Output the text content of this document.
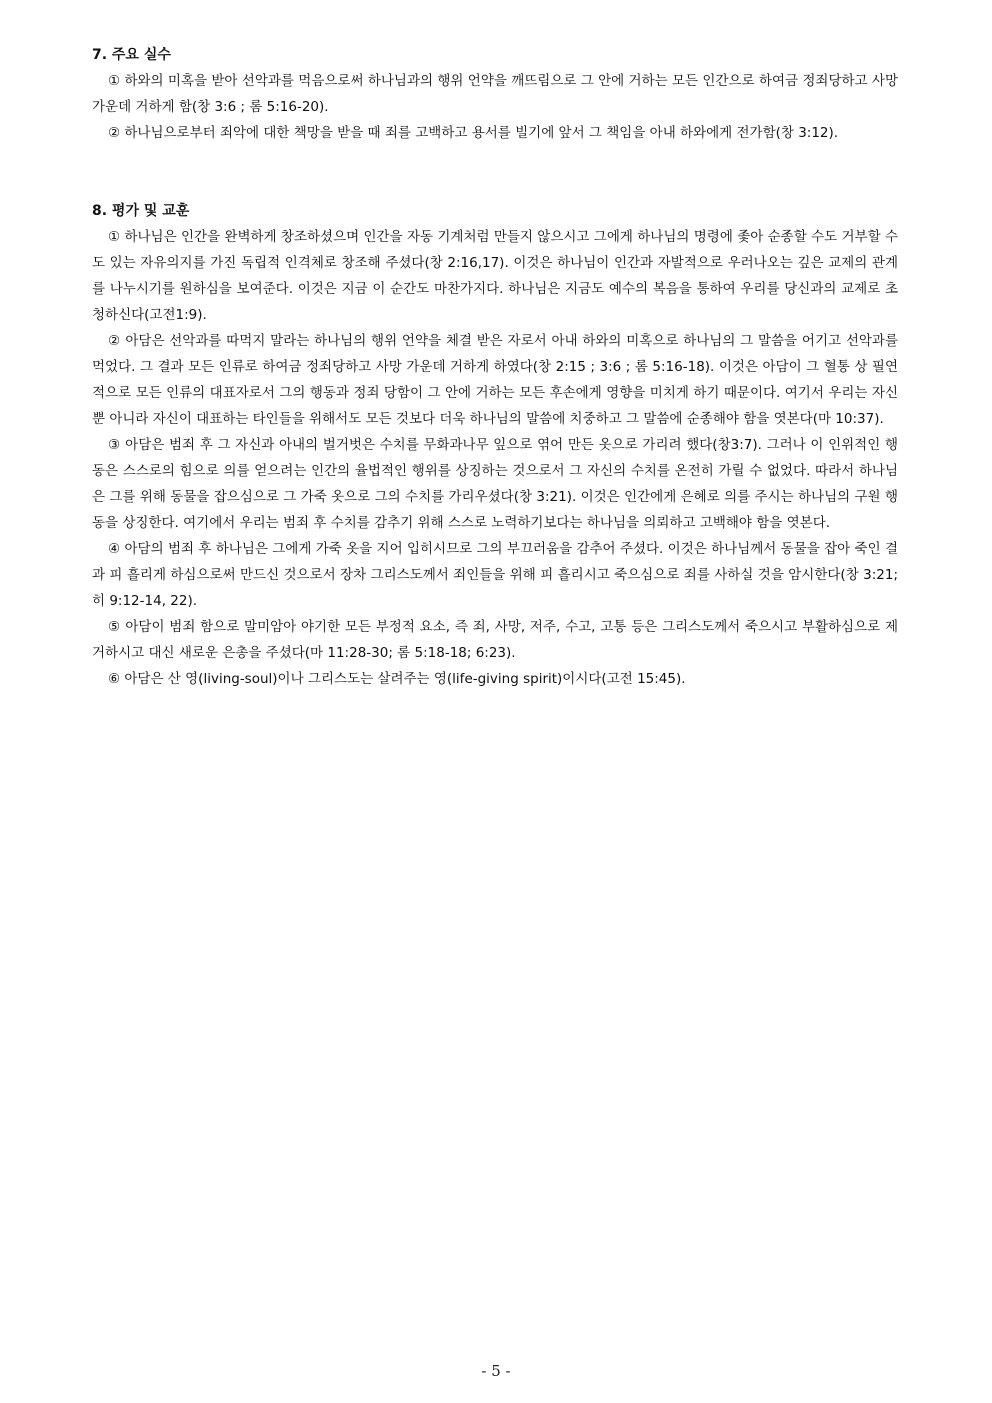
7. 주요 실수

① 하와의 미혹을 받아 선악과를 먹음으로써 하나님과의 행위 언약을 깨뜨림으로 그 안에 거하는 모든 인간으로 하여금 정죄당하고 사망 가운데 거하게 함(창 3:6 ; 롬 5:16-20).

② 하나님으로부터 죄악에 대한 책망을 받을 때 죄를 고백하고 용서를 빌기에 앞서 그 책임을 아내 하와에게 전가함(창 3:12).

8. 평가 및 교훈

① 하나님은 인간을 완벽하게 창조하셨으며 인간을 자동 기계처럼 만들지 않으시고 그에게 하나님의 명령에 좇아 순종할 수도 거부할 수도 있는 자유의지를 가진 독립적 인격체로 창조해 주셨다(창 2:16,17). 이것은 하나님이 인간과 자발적으로 우러나오는 깊은 교제의 관계를 나누시기를 원하심을 보여준다. 이것은 지금 이 순간도 마찬가지다. 하나님은 지금도 예수의 복음을 통하여 우리를 당신과의 교제로 초청하신다(고전1:9).

② 아담은 선악과를 따먹지 말라는 하나님의 행위 언약을 체결 받은 자로서 아내 하와의 미혹으로 하나님의 그 말씀을 어기고 선악과를 먹었다. 그 결과 모든 인류로 하여금 정죄당하고 사망 가운데 거하게 하였다(창 2:15 ; 3:6 ; 롬 5:16-18). 이것은 아담이 그 혈통 상 필연적으로 모든 인류의 대표자로서 그의 행동과 정죄 당함이 그 안에 거하는 모든 후손에게 영향을 미치게 하기 때문이다. 여기서 우리는 자신뿐 아니라 자신이 대표하는 타인들을 위해서도 모든 것보다 더욱 하나님의 말씀에 치중하고 그 말씀에 순종해야 함을 엿본다(마 10:37).

③ 아담은 범죄 후 그 자신과 아내의 벌거벗은 수치를 무화과나무 잎으로 엮어 만든 옷으로 가리려 했다(창3:7). 그러나 이 인위적인 행동은 스스로의 힘으로 의를 얻으려는 인간의 율법적인 행위를 상징하는 것으로서 그 자신의 수치를 온전히 가릴 수 없었다. 따라서 하나님은 그를 위해 동물을 잡으심으로 그 가죽 옷으로 그의 수치를 가리우셨다(창 3:21). 이것은 인간에게 은혜로 의를 주시는 하나님의 구원 행동을 상징한다. 여기에서 우리는 범죄 후 수치를 감추기 위해 스스로 노력하기보다는 하나님을 의뢰하고 고백해야 함을 엿본다.

④ 아담의 범죄 후 하나님은 그에게 가죽 옷을 지어 입히시므로 그의 부끄러움을 감추어 주셨다. 이것은 하나님께서 동물을 잡아 죽인 결과 피 흘리게 하심으로써 만드신 것으로서 장차 그리스도께서 죄인들을 위해 피 흘리시고 죽으심으로 죄를 사하실 것을 암시한다(창 3:21; 히 9:12-14, 22).

⑤ 아담이 범죄 함으로 말미암아 야기한 모든 부정적 요소, 즉 죄, 사망, 저주, 수고, 고통 등은 그리스도께서 죽으시고 부활하심으로 제거하시고 대신 새로운 은총을 주셨다(마 11:28-30; 롬 5:18-18; 6:23).

⑥ 아담은 산 영(living-soul)이나 그리스도는 살려주는 영(life-giving spirit)이시다(고전 15:45).

- 5 -
